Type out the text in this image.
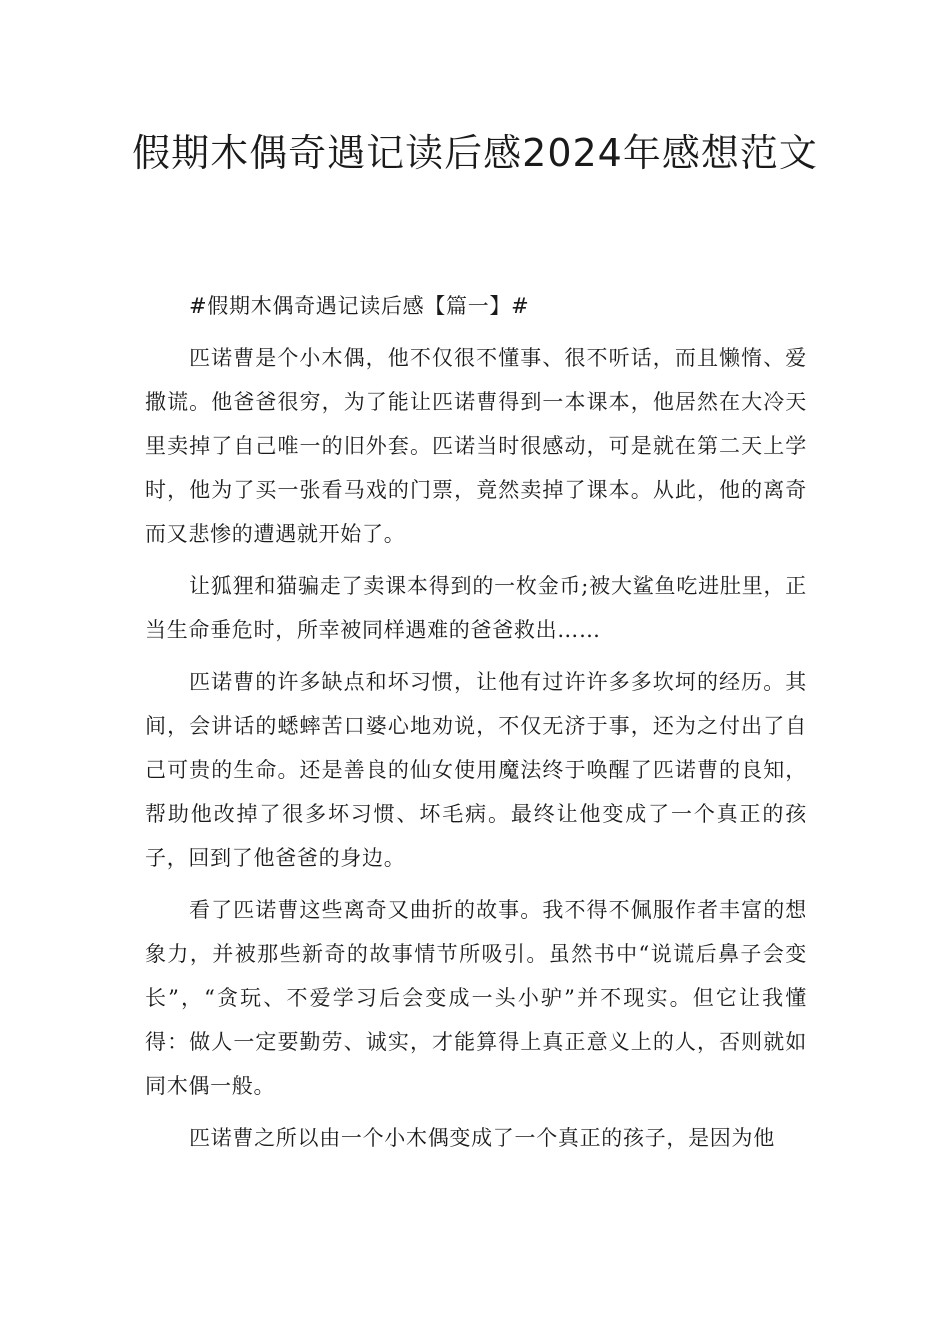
假期木偶奇遇记读后感2024年感想范文

#假期木偶奇遇记读后感【篇一】#

匹诺曹是个小木偶，他不仅很不懂事、很不听话，而且懒惰、爱撒谎。他爸爸很穷，为了能让匹诺曹得到一本课本，他居然在大冷天里卖掉了自己唯一的旧外套。匹诺当时很感动，可是就在第二天上学时，他为了买一张看马戏的门票，竟然卖掉了课本。从此，他的离奇而又悲惨的遭遇就开始了。

让狐狸和猫骗走了卖课本得到的一枚金币;被大鲨鱼吃进肚里，正当生命垂危时，所幸被同样遇难的爸爸救出……

匹诺曹的许多缺点和坏习惯，让他有过许许多多坎坷的经历。其间，会讲话的蟋蟀苦口婆心地劝说，不仅无济于事，还为之付出了自己可贵的生命。还是善良的仙女使用魔法终于唤醒了匹诺曹的良知，帮助他改掉了很多坏习惯、坏毛病。最终让他变成了一个真正的孩子，回到了他爸爸的身边。

看了匹诺曹这些离奇又曲折的故事。我不得不佩服作者丰富的想象力，并被那些新奇的故事情节所吸引。虽然书中“说谎后鼻子会变长”，“贪玩、不爱学习后会变成一头小驴”并不现实。但它让我懂得：做人一定要勤劳、诚实，才能算得上真正意义上的人，否则就如同木偶一般。

匹诺曹之所以由一个小木偶变成了一个真正的孩子，是因为他
